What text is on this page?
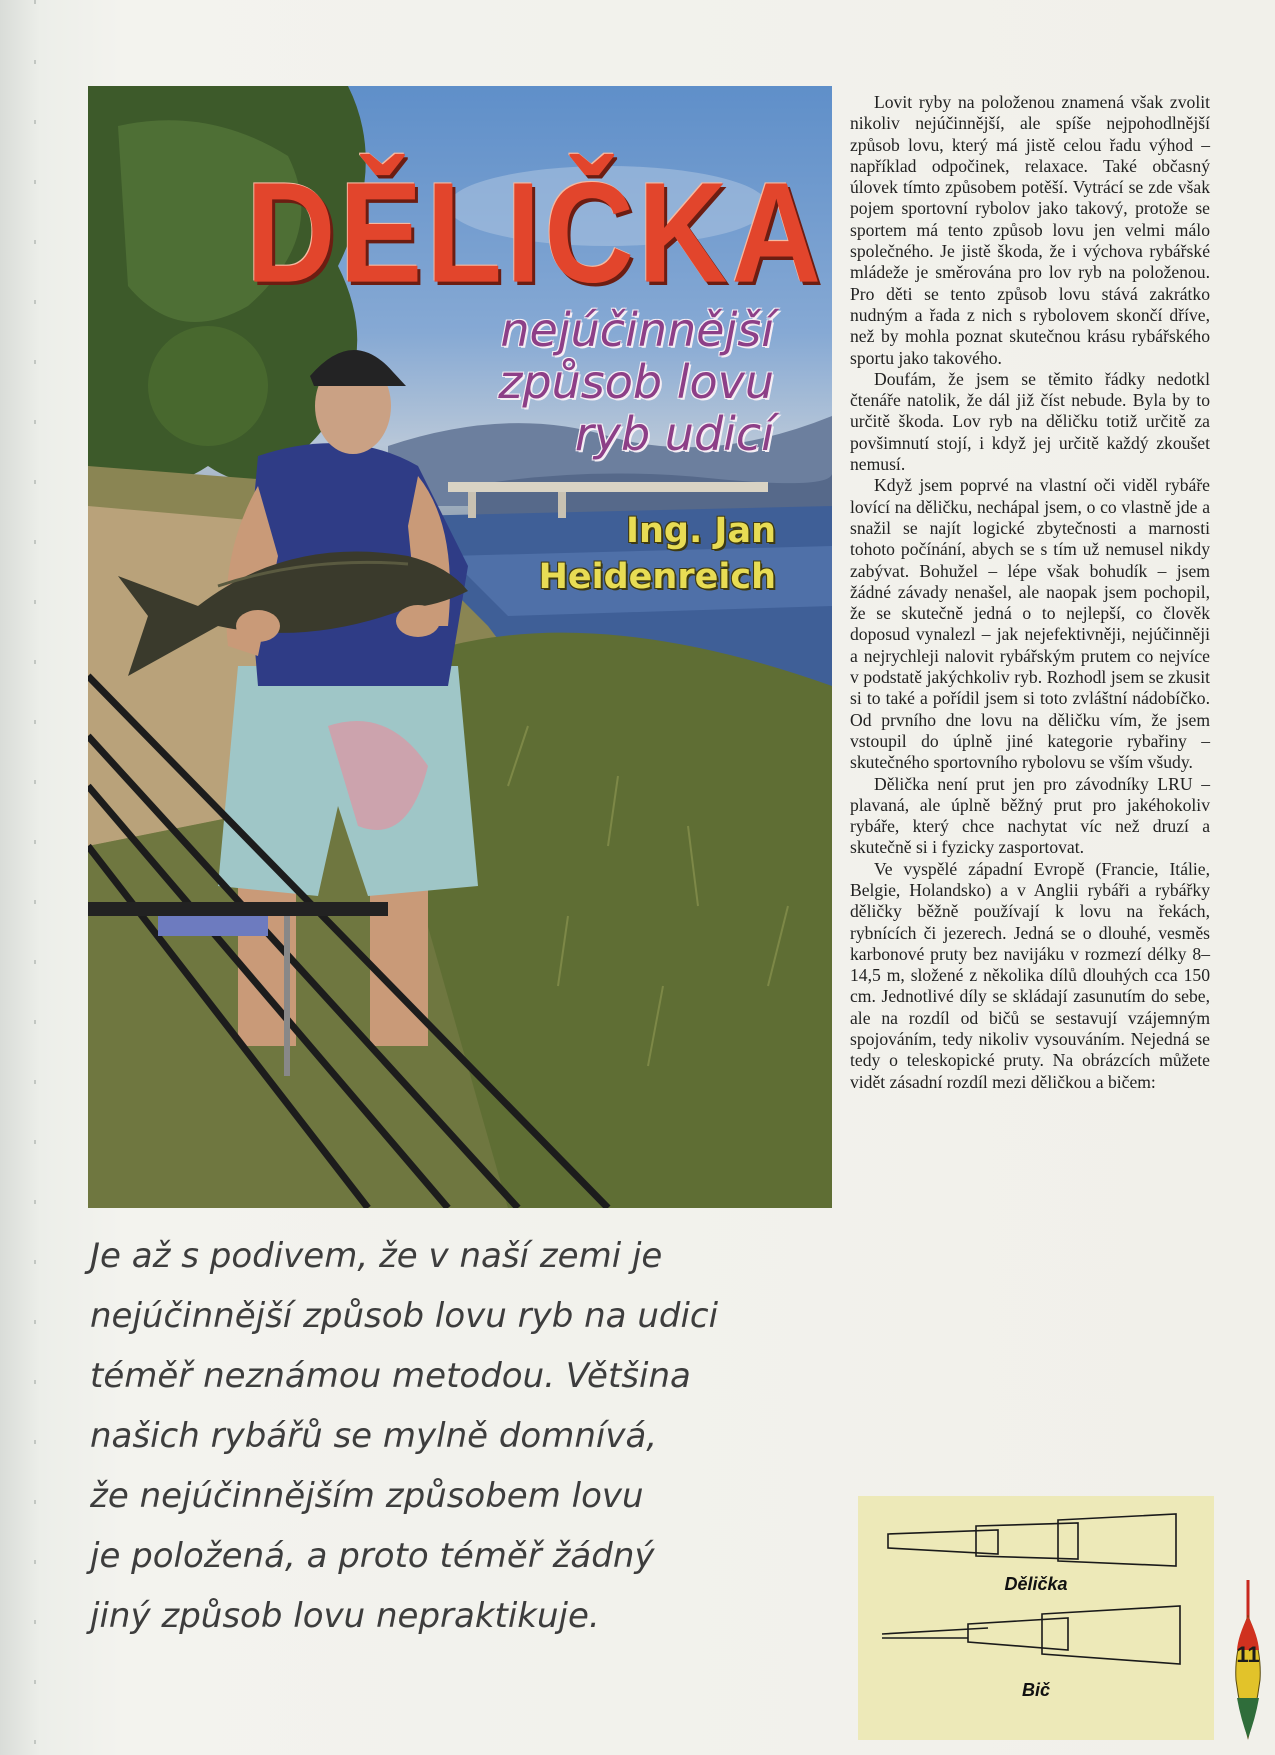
DĚLIČKA
nejúčinnější
způsob lovu
ryb udicí
Ing. Jan
Heidenreich
Je až s podivem, že v naší zemi je
nejúčinnější způsob lovu ryb na udici
téměř neznámou metodou. Většina
našich rybářů se mylně domnívá,
že nejúčinnějším způsobem lovu
je položená, a proto téměř žádný
jiný způsob lovu nepraktikuje.

Lovit ryby na položenou znamená však zvolit nikoliv nejúčinnější, ale spíše nejpohodlnější způsob lovu, který má jistě celou řadu výhod – například odpočinek, relaxace. Také občasný úlovek tímto způsobem potěší. Vytrácí se zde však pojem sportovní rybolov jako takový, protože se sportem má tento způsob lovu jen velmi málo společného. Je jistě škoda, že i výchova rybářské mládeže je směrována pro lov ryb na položenou. Pro děti se tento způsob lovu stává zakrátko nudným a řada z nich s rybolovem skončí dříve, než by mohla poznat skutečnou krásu rybářského sportu jako takového.

Doufám, že jsem se těmito řádky nedotkl čtenáře natolik, že dál již číst nebude. Byla by to určitě škoda. Lov ryb na děličku totiž určitě za povšimnutí stojí, i když jej určitě každý zkoušet nemusí.

Když jsem poprvé na vlastní oči viděl rybáře lovící na děličku, nechápal jsem, o co vlastně jde a snažil se najít logické zbytečnosti a marnosti tohoto počínání, abych se s tím už nemusel nikdy zabývat. Bohužel – lépe však bohudík – jsem žádné závady nenašel, ale naopak jsem pochopil, že se skutečně jedná o to nejlepší, co člověk doposud vynalezl – jak nejefektivněji, nejúčinněji a nejrychleji nalovit rybářským prutem co nejvíce v podstatě jakýchkoliv ryb. Rozhodl jsem se zkusit si to také a pořídil jsem si toto zvláštní nádobíčko. Od prvního dne lovu na děličku vím, že jsem vstoupil do úplně jiné kategorie rybařiny – skutečného sportovního rybolovu se vším všudy.

Dělička není prut jen pro závodníky LRU – plavaná, ale úplně běžný prut pro jakéhokoliv rybáře, který chce nachytat víc než druzí a skutečně si i fyzicky zasportovat.

Ve vyspělé západní Evropě (Francie, Itálie, Belgie, Holandsko) a v Anglii rybáři a rybářky děličky běžně používají k lovu na řekách, rybnících či jezerech. Jedná se o dlouhé, vesměs karbonové pruty bez navijáku v rozmezí délky 8–14,5 m, složené z několika dílů dlouhých cca 150 cm. Jednotlivé díly se skládají zasunutím do sebe, ale na rozdíl od bičů se sestavují vzájemným spojováním, tedy nikoliv vysouváním. Nejedná se tedy o teleskopické pruty. Na obrázcích můžete vidět zásadní rozdíl mezi děličkou a bičem:

Dělička
Bič
11
